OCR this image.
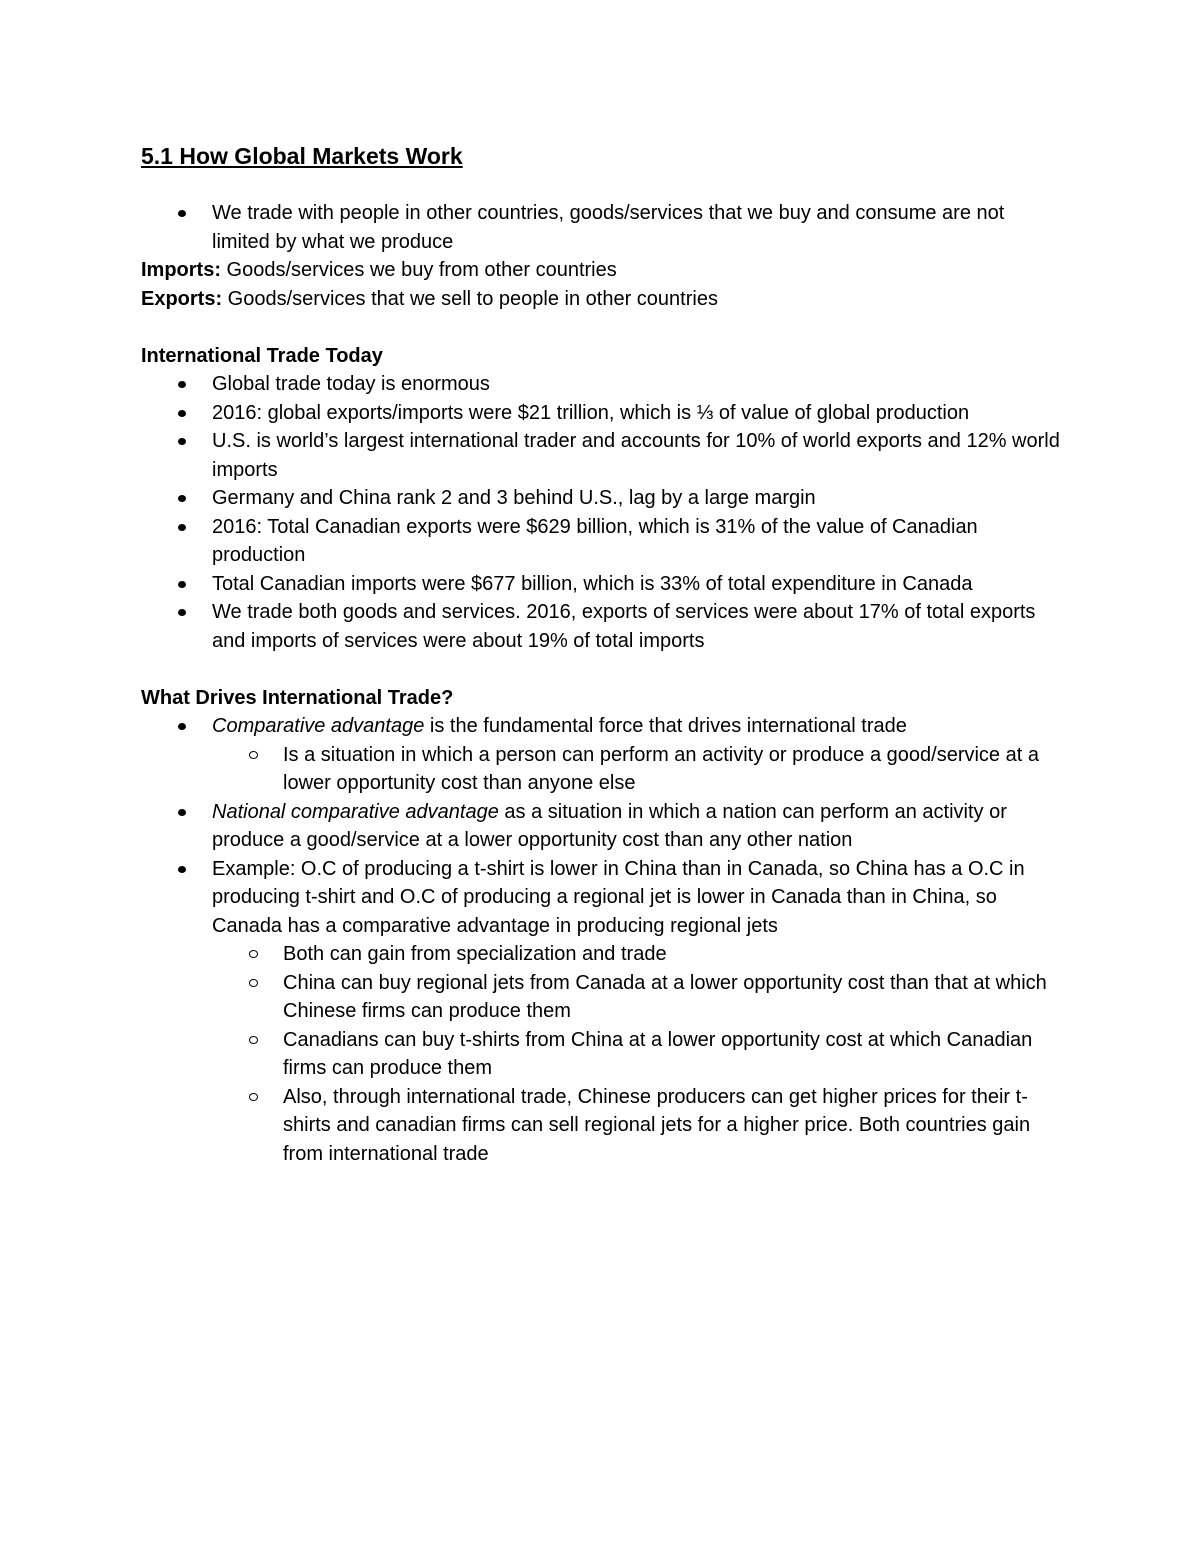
5.1 How Global Markets Work
We trade with people in other countries, goods/services that we buy and consume are not limited by what we produce
Imports: Goods/services we buy from other countries
Exports: Goods/services that we sell to people in other countries
International Trade Today
Global trade today is enormous
2016: global exports/imports were $21 trillion, which is ⅓ of value of global production
U.S. is world’s largest international trader and accounts for 10% of world exports and 12% world imports
Germany and China rank 2 and 3 behind U.S., lag by a large margin
2016: Total Canadian exports were $629 billion, which is 31% of the value of Canadian production
Total Canadian imports were $677 billion, which is 33% of total expenditure in Canada
We trade both goods and services. 2016, exports of services were about 17% of total exports and imports of services were about 19% of total imports
What Drives International Trade?
Comparative advantage is the fundamental force that drives international trade
Is a situation in which a person can perform an activity or produce a good/service at a lower opportunity cost than anyone else
National comparative advantage as a situation in which a nation can perform an activity or produce a good/service at a lower opportunity cost than any other nation
Example: O.C of producing a t-shirt is lower in China than in Canada, so China has a O.C in producing t-shirt and O.C of producing a regional jet is lower in Canada than in China, so Canada has a comparative advantage in producing regional jets
Both can gain from specialization and trade
China can buy regional jets from Canada at a lower opportunity cost than that at which Chinese firms can produce them
Canadians can buy t-shirts from China at a lower opportunity cost at which Canadian firms can produce them
Also, through international trade, Chinese producers can get higher prices for their t-shirts and canadian firms can sell regional jets for a higher price. Both countries gain from international trade
